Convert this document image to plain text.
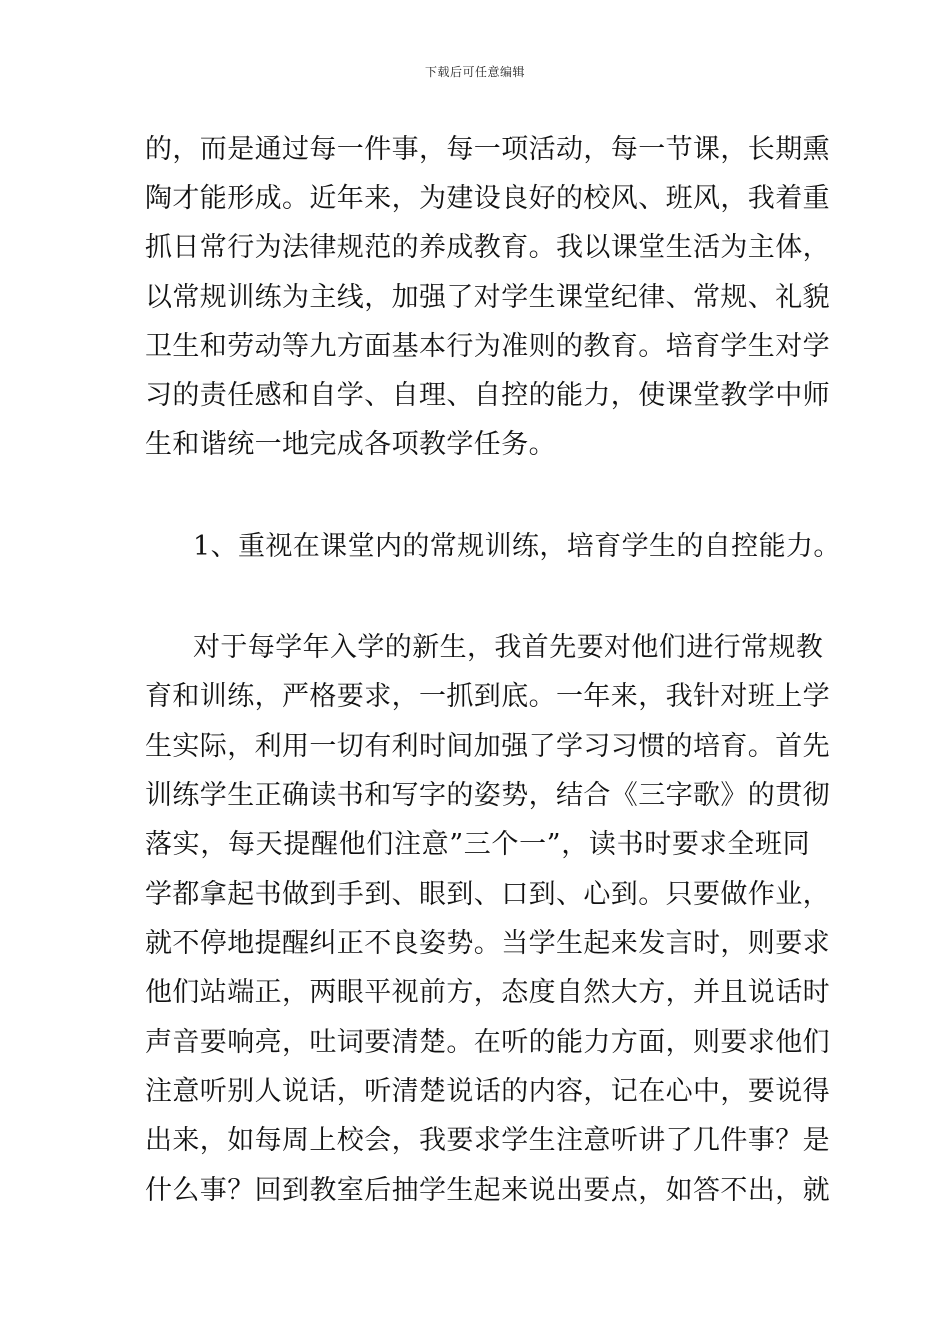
下载后可任意编辑
的，而是通过每一件事，每一项活动，每一节课，长期熏
陶才能形成。近年来，为建设良好的校风、班风，我着重
抓日常行为法律规范的养成教育。我以课堂生活为主体，
以常规训练为主线，加强了对学生课堂纪律、常规、礼貌
卫生和劳动等九方面基本行为准则的教育。培育学生对学
习的责任感和自学、自理、自控的能力，使课堂教学中师
生和谐统一地完成各项教学任务。
1、重视在课堂内的常规训练，培育学生的自控能力。
对于每学年入学的新生，我首先要对他们进行常规教
育和训练，严格要求，一抓到底。一年来，我针对班上学
生实际，利用一切有利时间加强了学习习惯的培育。首先
训练学生正确读书和写字的姿势，结合《三字歌》的贯彻
落实，每天提醒他们注意”三个一”，读书时要求全班同
学都拿起书做到手到、眼到、口到、心到。只要做作业，
就不停地提醒纠正不良姿势。当学生起来发言时，则要求
他们站端正，两眼平视前方，态度自然大方，并且说话时
声音要响亮，吐词要清楚。在听的能力方面，则要求他们
注意听别人说话，听清楚说话的内容，记在心中，要说得
出来，如每周上校会，我要求学生注意听讲了几件事？是
什么事？回到教室后抽学生起来说出要点，如答不出，就
